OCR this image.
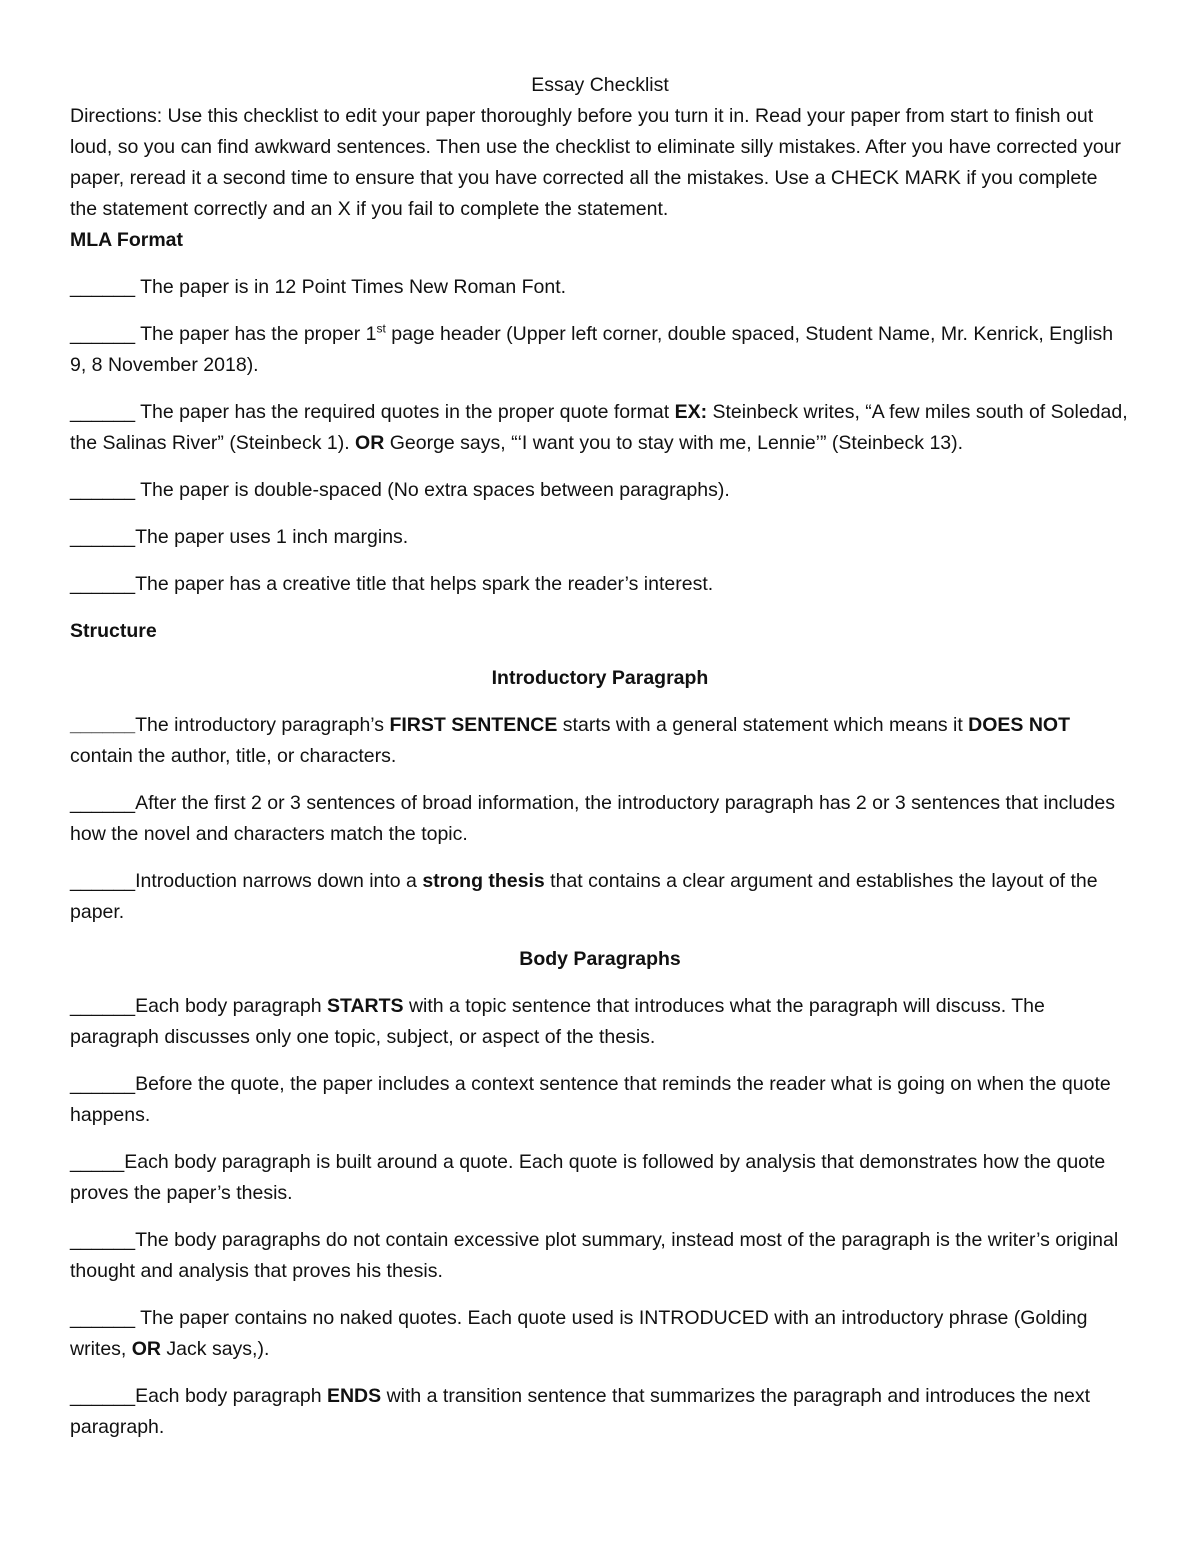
Essay Checklist

Directions: Use this checklist to edit your paper thoroughly before you turn it in. Read your paper from start to finish out loud, so you can find awkward sentences. Then use the checklist to eliminate silly mistakes. After you have corrected your paper, reread it a second time to ensure that you have corrected all the mistakes. Use a CHECK MARK if you complete the statement correctly and an X if you fail to complete the statement.

MLA Format

______ The paper is in 12 Point Times New Roman Font.

______ The paper has the proper 1st page header (Upper left corner, double spaced, Student Name, Mr. Kenrick, English 9, 8 November 2018).

______ The paper has the required quotes in the proper quote format EX: Steinbeck writes, “A few miles south of Soledad, the Salinas River” (Steinbeck 1). OR George says, “‘I want you to stay with me, Lennie’” (Steinbeck 13).

______ The paper is double-spaced (No extra spaces between paragraphs).

______The paper uses 1 inch margins.

______The paper has a creative title that helps spark the reader’s interest.

Structure

Introductory Paragraph

______The introductory paragraph’s FIRST SENTENCE starts with a general statement which means it DOES NOT contain the author, title, or characters.

______After the first 2 or 3 sentences of broad information, the introductory paragraph has 2 or 3 sentences that includes how the novel and characters match the topic.

______Introduction narrows down into a strong thesis that contains a clear argument and establishes the layout of the paper.

Body Paragraphs

______Each body paragraph STARTS with a topic sentence that introduces what the paragraph will discuss. The paragraph discusses only one topic, subject, or aspect of the thesis.

______Before the quote, the paper includes a context sentence that reminds the reader what is going on when the quote happens.

_____Each body paragraph is built around a quote. Each quote is followed by analysis that demonstrates how the quote proves the paper’s thesis.

______The body paragraphs do not contain excessive plot summary, instead most of the paragraph is the writer’s original thought and analysis that proves his thesis.

______ The paper contains no naked quotes. Each quote used is INTRODUCED with an introductory phrase (Golding writes, OR Jack says,).

______Each body paragraph ENDS with a transition sentence that summarizes the paragraph and introduces the next paragraph.
